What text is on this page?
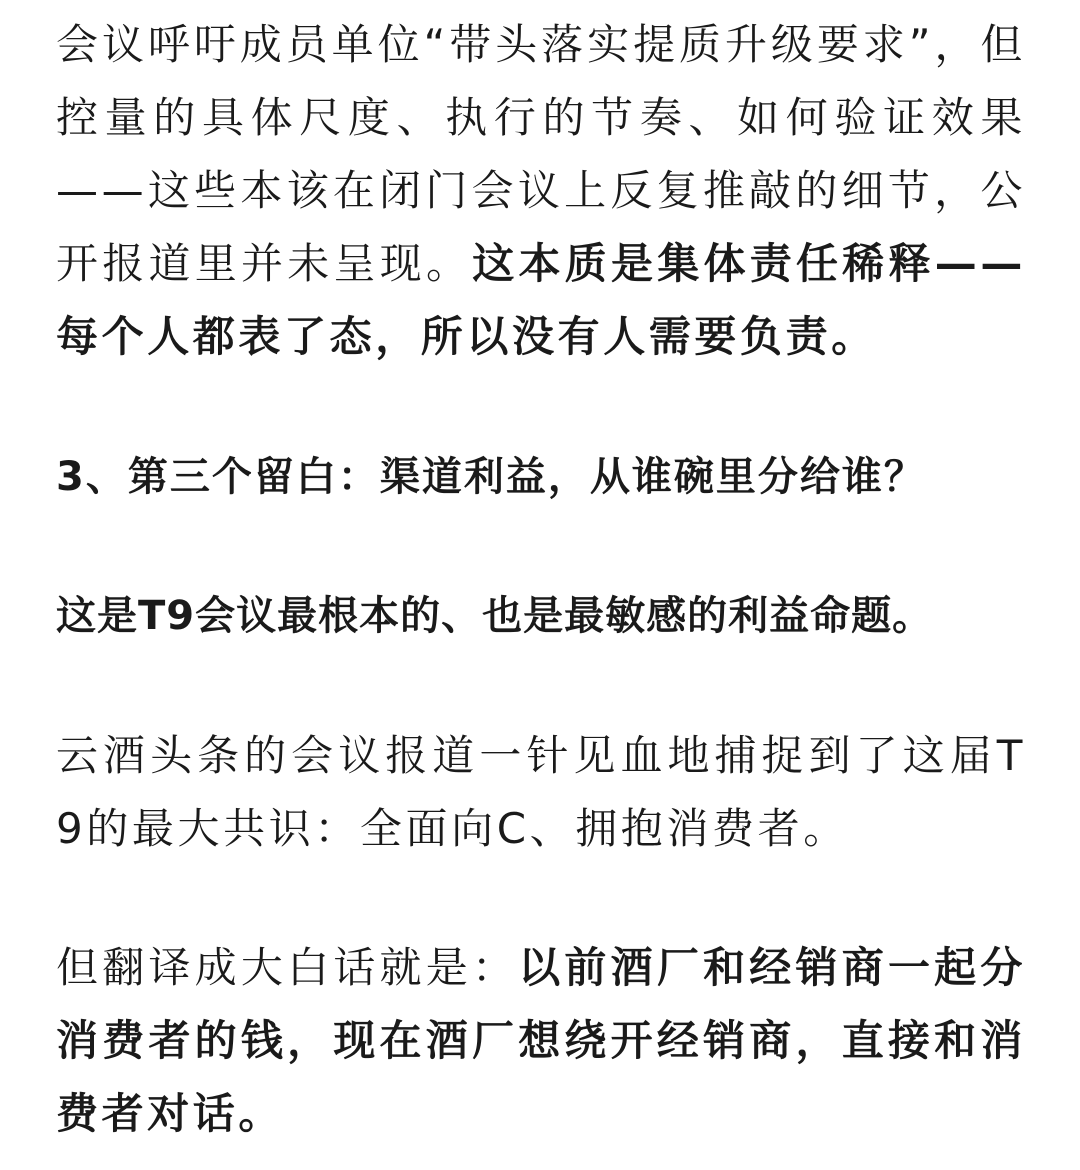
会议呼吁成员单位“带头落实提质升级要求”，但控量的具体尺度、执行的节奏、如何验证效果——这些本该在闭门会议上反复推敲的细节，公开报道里并未呈现。这本质是集体责任稀释——每个人都表了态，所以没有人需要负责。

3、第三个留白：渠道利益，从谁碗里分给谁？

这是T9会议最根本的、也是最敏感的利益命题。

云酒头条的会议报道一针见血地捕捉到了这届T9的最大共识：全面向C、拥抱消费者。

但翻译成大白话就是：以前酒厂和经销商一起分消费者的钱，现在酒厂想绕开经销商，直接和消费者对话。
